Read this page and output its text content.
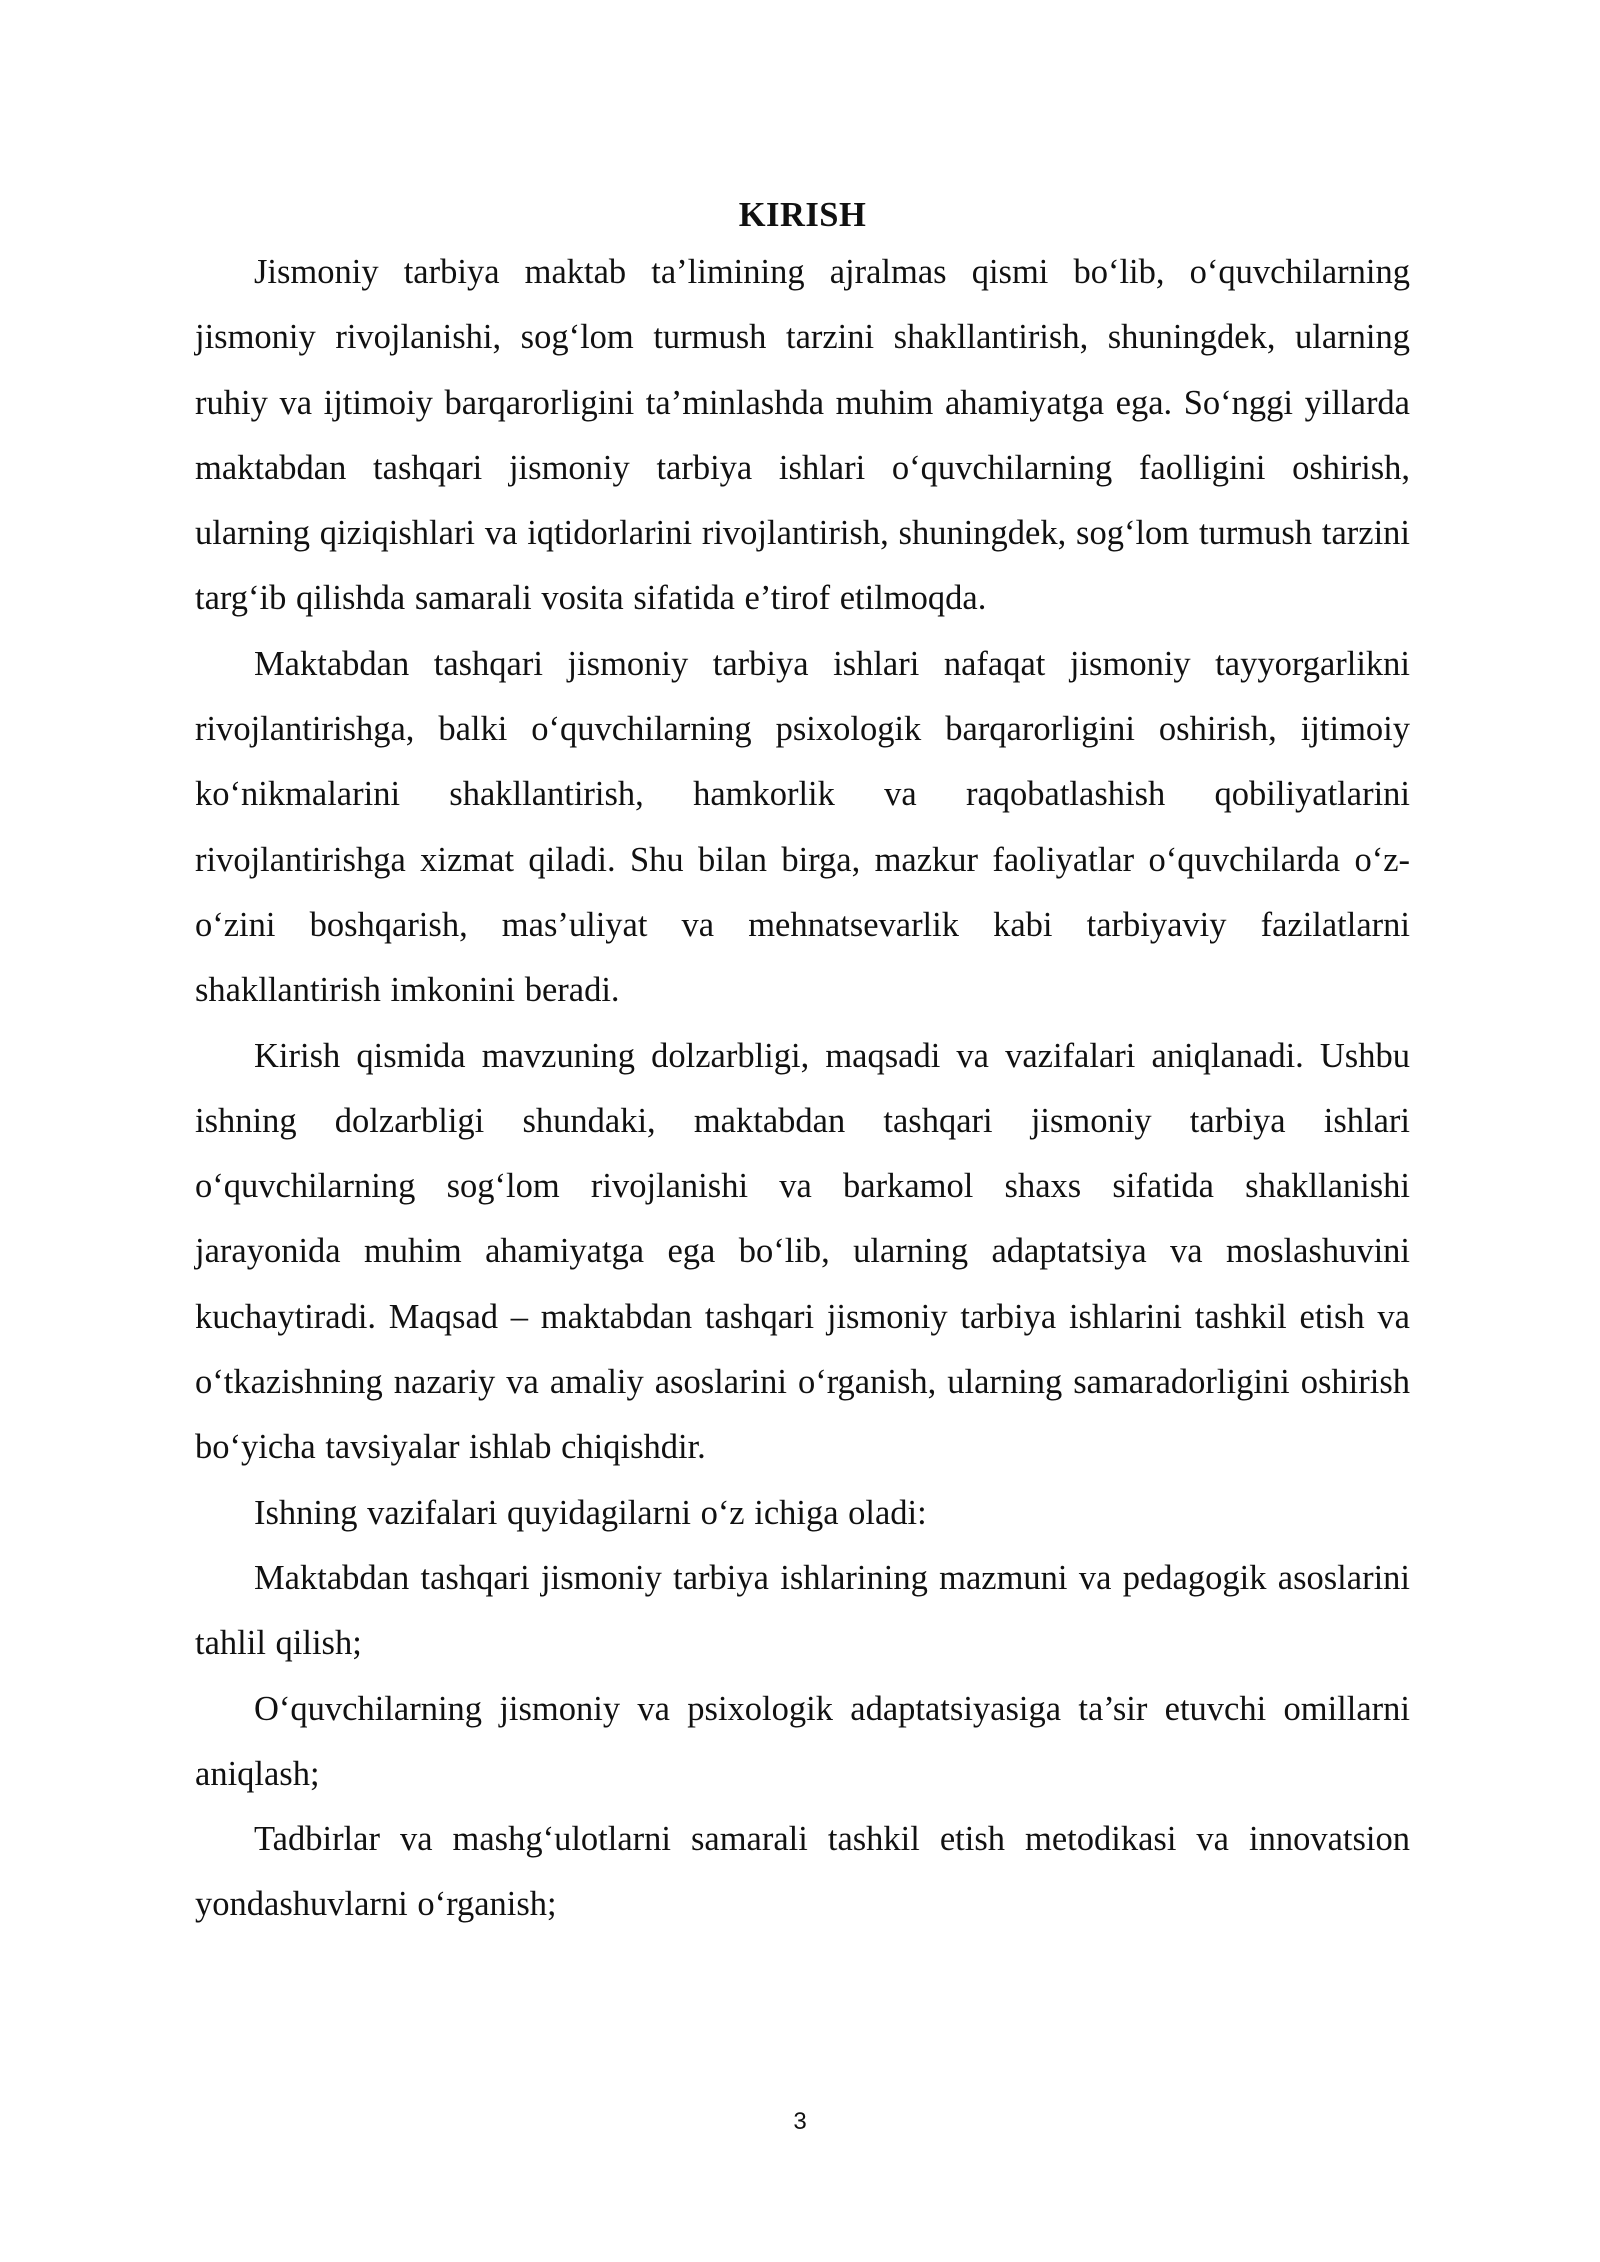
KIRISH

Jismoniy tarbiya maktab ta’limining ajralmas qismi bo‘lib, o‘quvchilarning jismoniy rivojlanishi, sog‘lom turmush tarzini shakllantirish, shuningdek, ularning ruhiy va ijtimoiy barqarorligini ta’minlashda muhim ahamiyatga ega. So‘nggi yillarda maktabdan tashqari jismoniy tarbiya ishlari o‘quvchilarning faolligini oshirish, ularning qiziqishlari va iqtidorlarini rivojlantirish, shuningdek, sog‘lom turmush tarzini targ‘ib qilishda samarali vosita sifatida e’tirof etilmoqda.

Maktabdan tashqari jismoniy tarbiya ishlari nafaqat jismoniy tayyorgarlikni rivojlantirishga, balki o‘quvchilarning psixologik barqarorligini oshirish, ijtimoiy ko‘nikmalarini shakllantirish, hamkorlik va raqobatlashish qobiliyatlarini rivojlantirishga xizmat qiladi. Shu bilan birga, mazkur faoliyatlar o‘quvchilarda o‘z-o‘zini boshqarish, mas’uliyat va mehnatsevarlik kabi tarbiyaviy fazilatlarni shakllantirish imkonini beradi.

Kirish qismida mavzuning dolzarbligi, maqsadi va vazifalari aniqlanadi. Ushbu ishning dolzarbligi shundaki, maktabdan tashqari jismoniy tarbiya ishlari o‘quvchilarning sog‘lom rivojlanishi va barkamol shaxs sifatida shakllanishi jarayonida muhim ahamiyatga ega bo‘lib, ularning adaptatsiya va moslashuvini kuchaytiradi. Maqsad – maktabdan tashqari jismoniy tarbiya ishlarini tashkil etish va o‘tkazishning nazariy va amaliy asoslarini o‘rganish, ularning samaradorligini oshirish bo‘yicha tavsiyalar ishlab chiqishdir.

Ishning vazifalari quyidagilarni o‘z ichiga oladi:

Maktabdan tashqari jismoniy tarbiya ishlarining mazmuni va pedagogik asoslarini tahlil qilish;

O‘quvchilarning jismoniy va psixologik adaptatsiyasiga ta’sir etuvchi omillarni aniqlash;

Tadbirlar va mashg‘ulotlarni samarali tashkil etish metodikasi va innovatsion yondashuvlarni o‘rganish;

3
